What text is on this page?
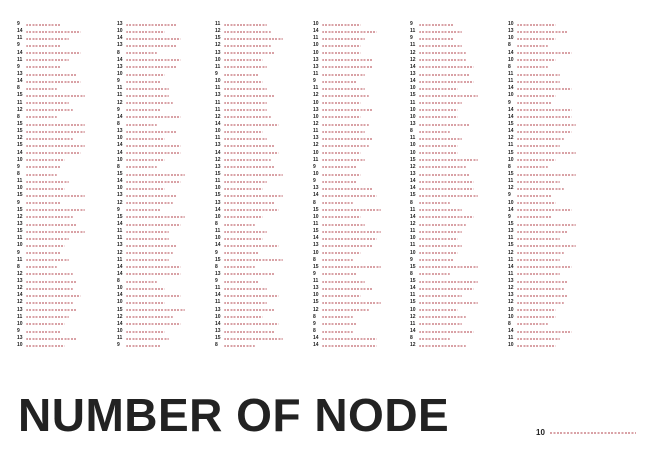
9
14
11
9
14
11
9
13
14
8
15
11
12
8
15
15
12
15
14
10
9
8
11
10
15
9
15
12
13
15
11
10
9
11
8
12
13
12
14
12
13
11
10
9
13
10
13
10
14
13
8
14
13
10
9
11
11
12
9
14
8
13
10
14
14
10
8
15
14
10
13
12
9
15
14
11
11
13
12
11
14
14
8
10
14
10
15
12
14
10
11
9
11
12
15
12
13
10
11
9
10
11
13
11
11
12
14
10
11
13
14
12
13
15
11
10
15
13
14
10
8
11
10
14
9
15
8
13
9
11
14
11
13
10
14
13
15
8
10
14
11
10
10
13
13
11
9
11
12
10
13
10
12
11
13
12
10
11
9
10
9
13
14
8
15
10
11
15
14
13
10
8
15
9
11
13
10
15
12
8
9
8
14
14
9
11
9
11
12
12
14
13
14
10
15
11
10
10
13
8
11
10
10
15
12
13
14
14
15
8
11
14
12
11
10
11
10
9
15
8
15
14
11
15
10
12
11
14
8
12
10
13
10
8
14
10
8
11
11
14
10
9
14
14
15
14
12
11
15
10
8
15
11
12
9
10
14
9
15
13
11
15
12
11
14
11
13
12
13
12
10
10
8
14
11
10
NUMBER OF NODE	10
